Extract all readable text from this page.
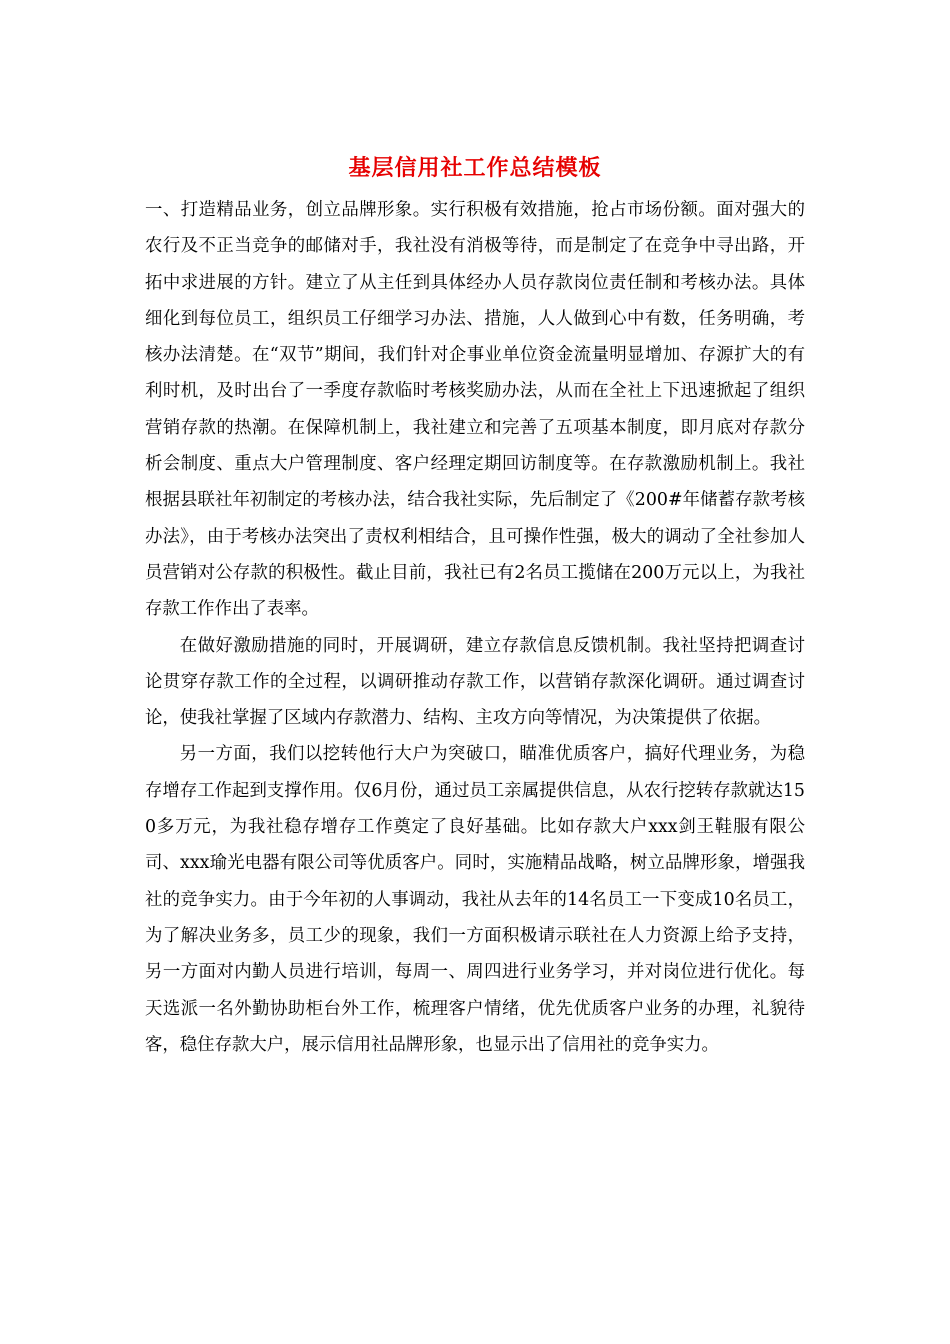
基层信用社工作总结模板

一、打造精品业务，创立品牌形象。实行积极有效措施，抢占市场份额。面对强大的农行及不正当竞争的邮储对手，我社没有消极等待，而是制定了在竞争中寻出路，开拓中求进展的方针。建立了从主任到具体经办人员存款岗位责任制和考核办法。具体细化到每位员工，组织员工仔细学习办法、措施，人人做到心中有数，任务明确，考核办法清楚。在“双节”期间，我们针对企事业单位资金流量明显增加、存源扩大的有利时机，及时出台了一季度存款临时考核奖励办法，从而在全社上下迅速掀起了组织营销存款的热潮。在保障机制上，我社建立和完善了五项基本制度，即月底对存款分析会制度、重点大户管理制度、客户经理定期回访制度等。在存款激励机制上。我社根据县联社年初制定的考核办法，结合我社实际，先后制定了《200#年储蓄存款考核办法》，由于考核办法突出了责权利相结合，且可操作性强，极大的调动了全社参加人员营销对公存款的积极性。截止目前，我社已有2名员工揽储在200万元以上，为我社存款工作作出了表率。

在做好激励措施的同时，开展调研，建立存款信息反馈机制。我社坚持把调查讨论贯穿存款工作的全过程，以调研推动存款工作，以营销存款深化调研。通过调查讨论，使我社掌握了区域内存款潜力、结构、主攻方向等情况，为决策提供了依据。

另一方面，我们以挖转他行大户为突破口，瞄准优质客户，搞好代理业务，为稳存增存工作起到支撑作用。仅6月份，通过员工亲属提供信息，从农行挖转存款就达150多万元，为我社稳存增存工作奠定了良好基础。比如存款大户xxx剑王鞋服有限公司、xxx瑜光电器有限公司等优质客户。同时，实施精品战略，树立品牌形象，增强我社的竞争实力。由于今年初的人事调动，我社从去年的14名员工一下变成10名员工，为了解决业务多，员工少的现象，我们一方面积极请示联社在人力资源上给予支持，另一方面对内勤人员进行培训，每周一、周四进行业务学习，并对岗位进行优化。每天选派一名外勤协助柜台外工作，梳理客户情绪，优先优质客户业务的办理，礼貌待客，稳住存款大户，展示信用社品牌形象，也显示出了信用社的竞争实力。
